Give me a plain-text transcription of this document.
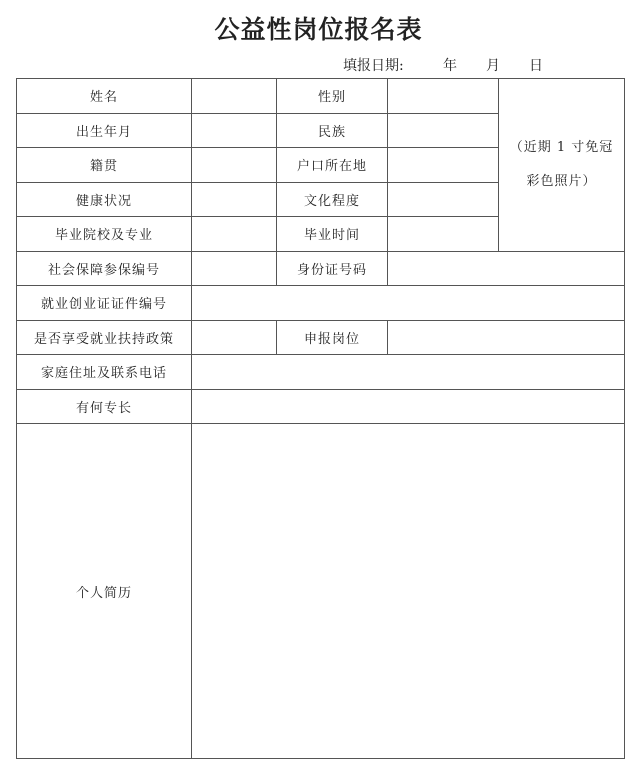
公益性岗位报名表
填报日期:	年 月 日
姓名		性别		（近期 1 寸免冠
彩色照片）

出生年月		民族		
籍贯		户口所在地		
健康状况		文化程度		
毕业院校及专业		毕业时间		
社会保障参保编号		身份证号码		
就业创业证证件编号				
是否享受就业扶持政策		申报岗位		
家庭住址及联系电话				
有何专长				
个人简历				
